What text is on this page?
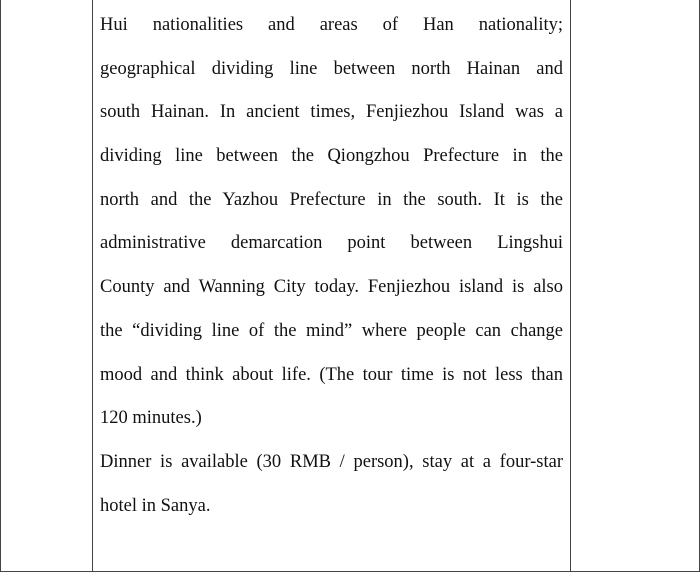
Hui nationalities and areas of Han nationality;
geographical dividing line between north Hainan and
south Hainan. In ancient times, Fenjiezhou Island was a
dividing line between the Qiongzhou Prefecture in the
north and the Yazhou Prefecture in the south. It is the
administrative demarcation point between Lingshui
County and Wanning City today. Fenjiezhou island is also
the “dividing line of the mind” where people can change
mood and think about life. (The tour time is not less than
120 minutes.)

Dinner is available (30 RMB / person), stay at a four-star
hotel in Sanya.
